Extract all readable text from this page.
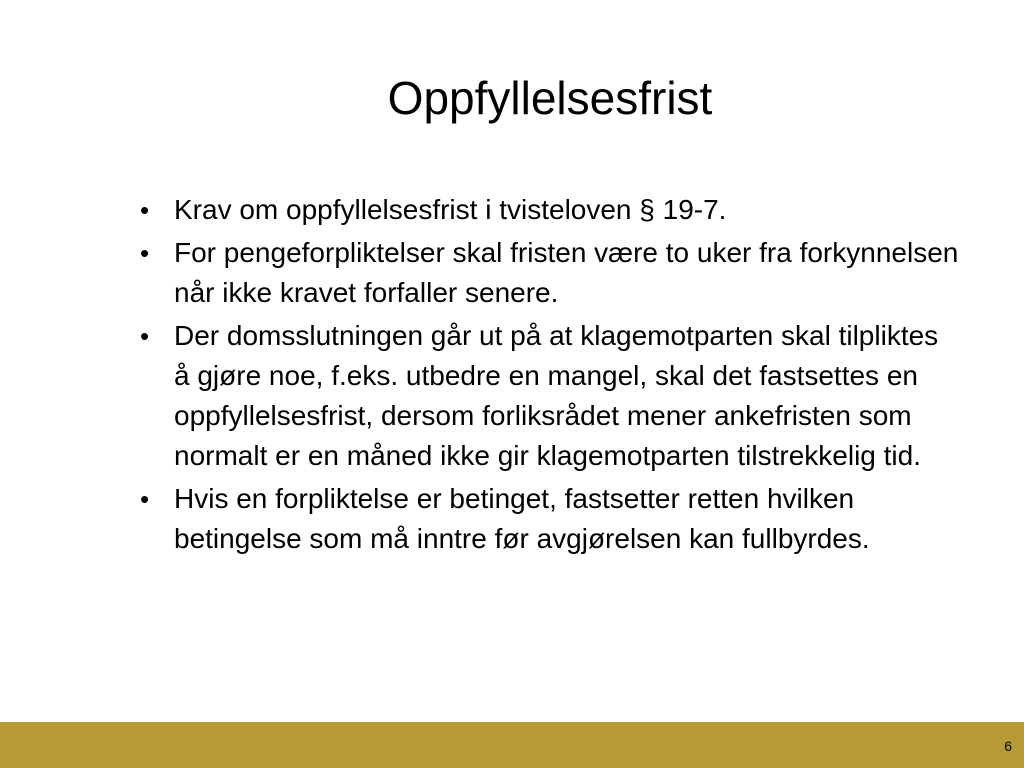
Oppfyllelsesfrist
• Krav om oppfyllelsesfrist i tvisteloven § 19-7.
• For pengeforpliktelser skal fristen være to uker fra forkynnelsen når ikke kravet forfaller senere.
• Der domsslutningen går ut på at klagemotparten skal tilpliktes å gjøre noe, f.eks. utbedre en mangel, skal det fastsettes en oppfyllelsesfrist, dersom forliksrådet mener ankefristen som normalt er en måned ikke gir klagemotparten tilstrekkelig tid.
• Hvis en forpliktelse er betinget, fastsetter retten hvilken betingelse som må inntre før avgjørelsen kan fullbyrdes.
6
